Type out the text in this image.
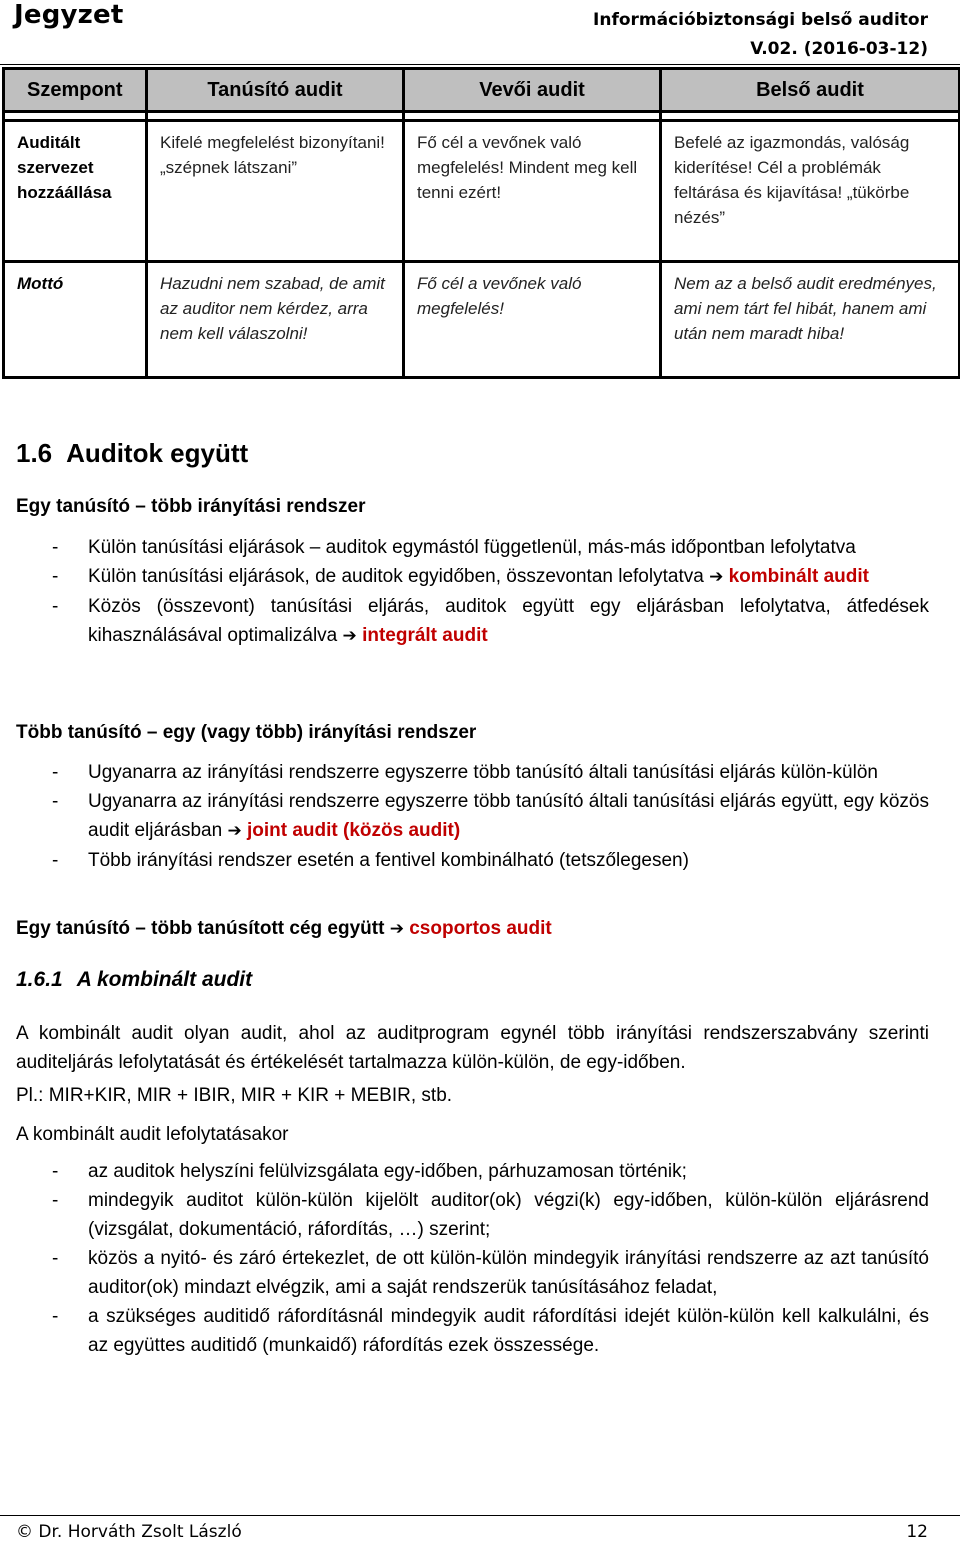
Jegyzet	Információbiztonsági belső auditor
V.02. (2016-03-12)
Szempont	Tanúsító audit	Vevői audit	Belső audit

Auditált szervezet hozzáállása	Kifelé megfelelést bizonyítani! „szépnek látszani”	Fő cél a vevőnek való megfelelés! Mindent meg kell tenni ezért!	Befelé az igazmondás, valóság kiderítése! Cél a problémák feltárása és kijavítása! „tükörbe nézés”

Mottó	Hazudni nem szabad, de amit az auditor nem kérdez, arra nem kell válaszolni!	Fő cél a vevőnek való megfelelés!	Nem az a belső audit eredményes, ami nem tárt fel hibát, hanem ami után nem maradt hiba!
1.6 Auditok együtt
Egy tanúsító – több irányítási rendszer
- Külön tanúsítási eljárások – auditok egymástól függetlenül, más-más időpontban lefolytatva
- Külön tanúsítási eljárások, de auditok egyidőben, összevontan lefolytatva ➔ kombinált audit
- Közös (összevont) tanúsítási eljárás, auditok együtt egy eljárásban lefolytatva, átfedések kihasználásával optimalizálva ➔ integrált audit
Több tanúsító – egy (vagy több) irányítási rendszer
- Ugyanarra az irányítási rendszerre egyszerre több tanúsító általi tanúsítási eljárás külön-külön
- Ugyanarra az irányítási rendszerre egyszerre több tanúsító általi tanúsítási eljárás együtt, egy közös audit eljárásban ➔ joint audit (közös audit)
- Több irányítási rendszer esetén a fentivel kombinálható (tetszőlegesen)
Egy tanúsító – több tanúsított cég együtt ➔ csoportos audit
1.6.1 A kombinált audit
A kombinált audit olyan audit, ahol az auditprogram egynél több irányítási rendszerszabvány szerinti auditeljárás lefolytatását és értékelését tartalmazza külön-külön, de egy-időben.
Pl.: MIR+KIR, MIR + IBIR, MIR + KIR + MEBIR, stb.
A kombinált audit lefolytatásakor
- az auditok helyszíni felülvizsgálata egy-időben, párhuzamosan történik;
- mindegyik auditot külön-külön kijelölt auditor(ok) végzi(k) egy-időben, külön-külön eljárásrend (vizsgálat, dokumentáció, ráfordítás, …) szerint;
- közös a nyitó- és záró értekezlet, de ott külön-külön mindegyik irányítási rendszerre az azt tanúsító auditor(ok) mindazt elvégzik, ami a saját rendszerük tanúsításához feladat,
- a szükséges auditidő ráfordításnál mindegyik audit ráfordítási idejét külön-külön kell kalkulálni, és az együttes auditidő (munkaidő) ráfordítás ezek összessége.
© Dr. Horváth Zsolt László	12
